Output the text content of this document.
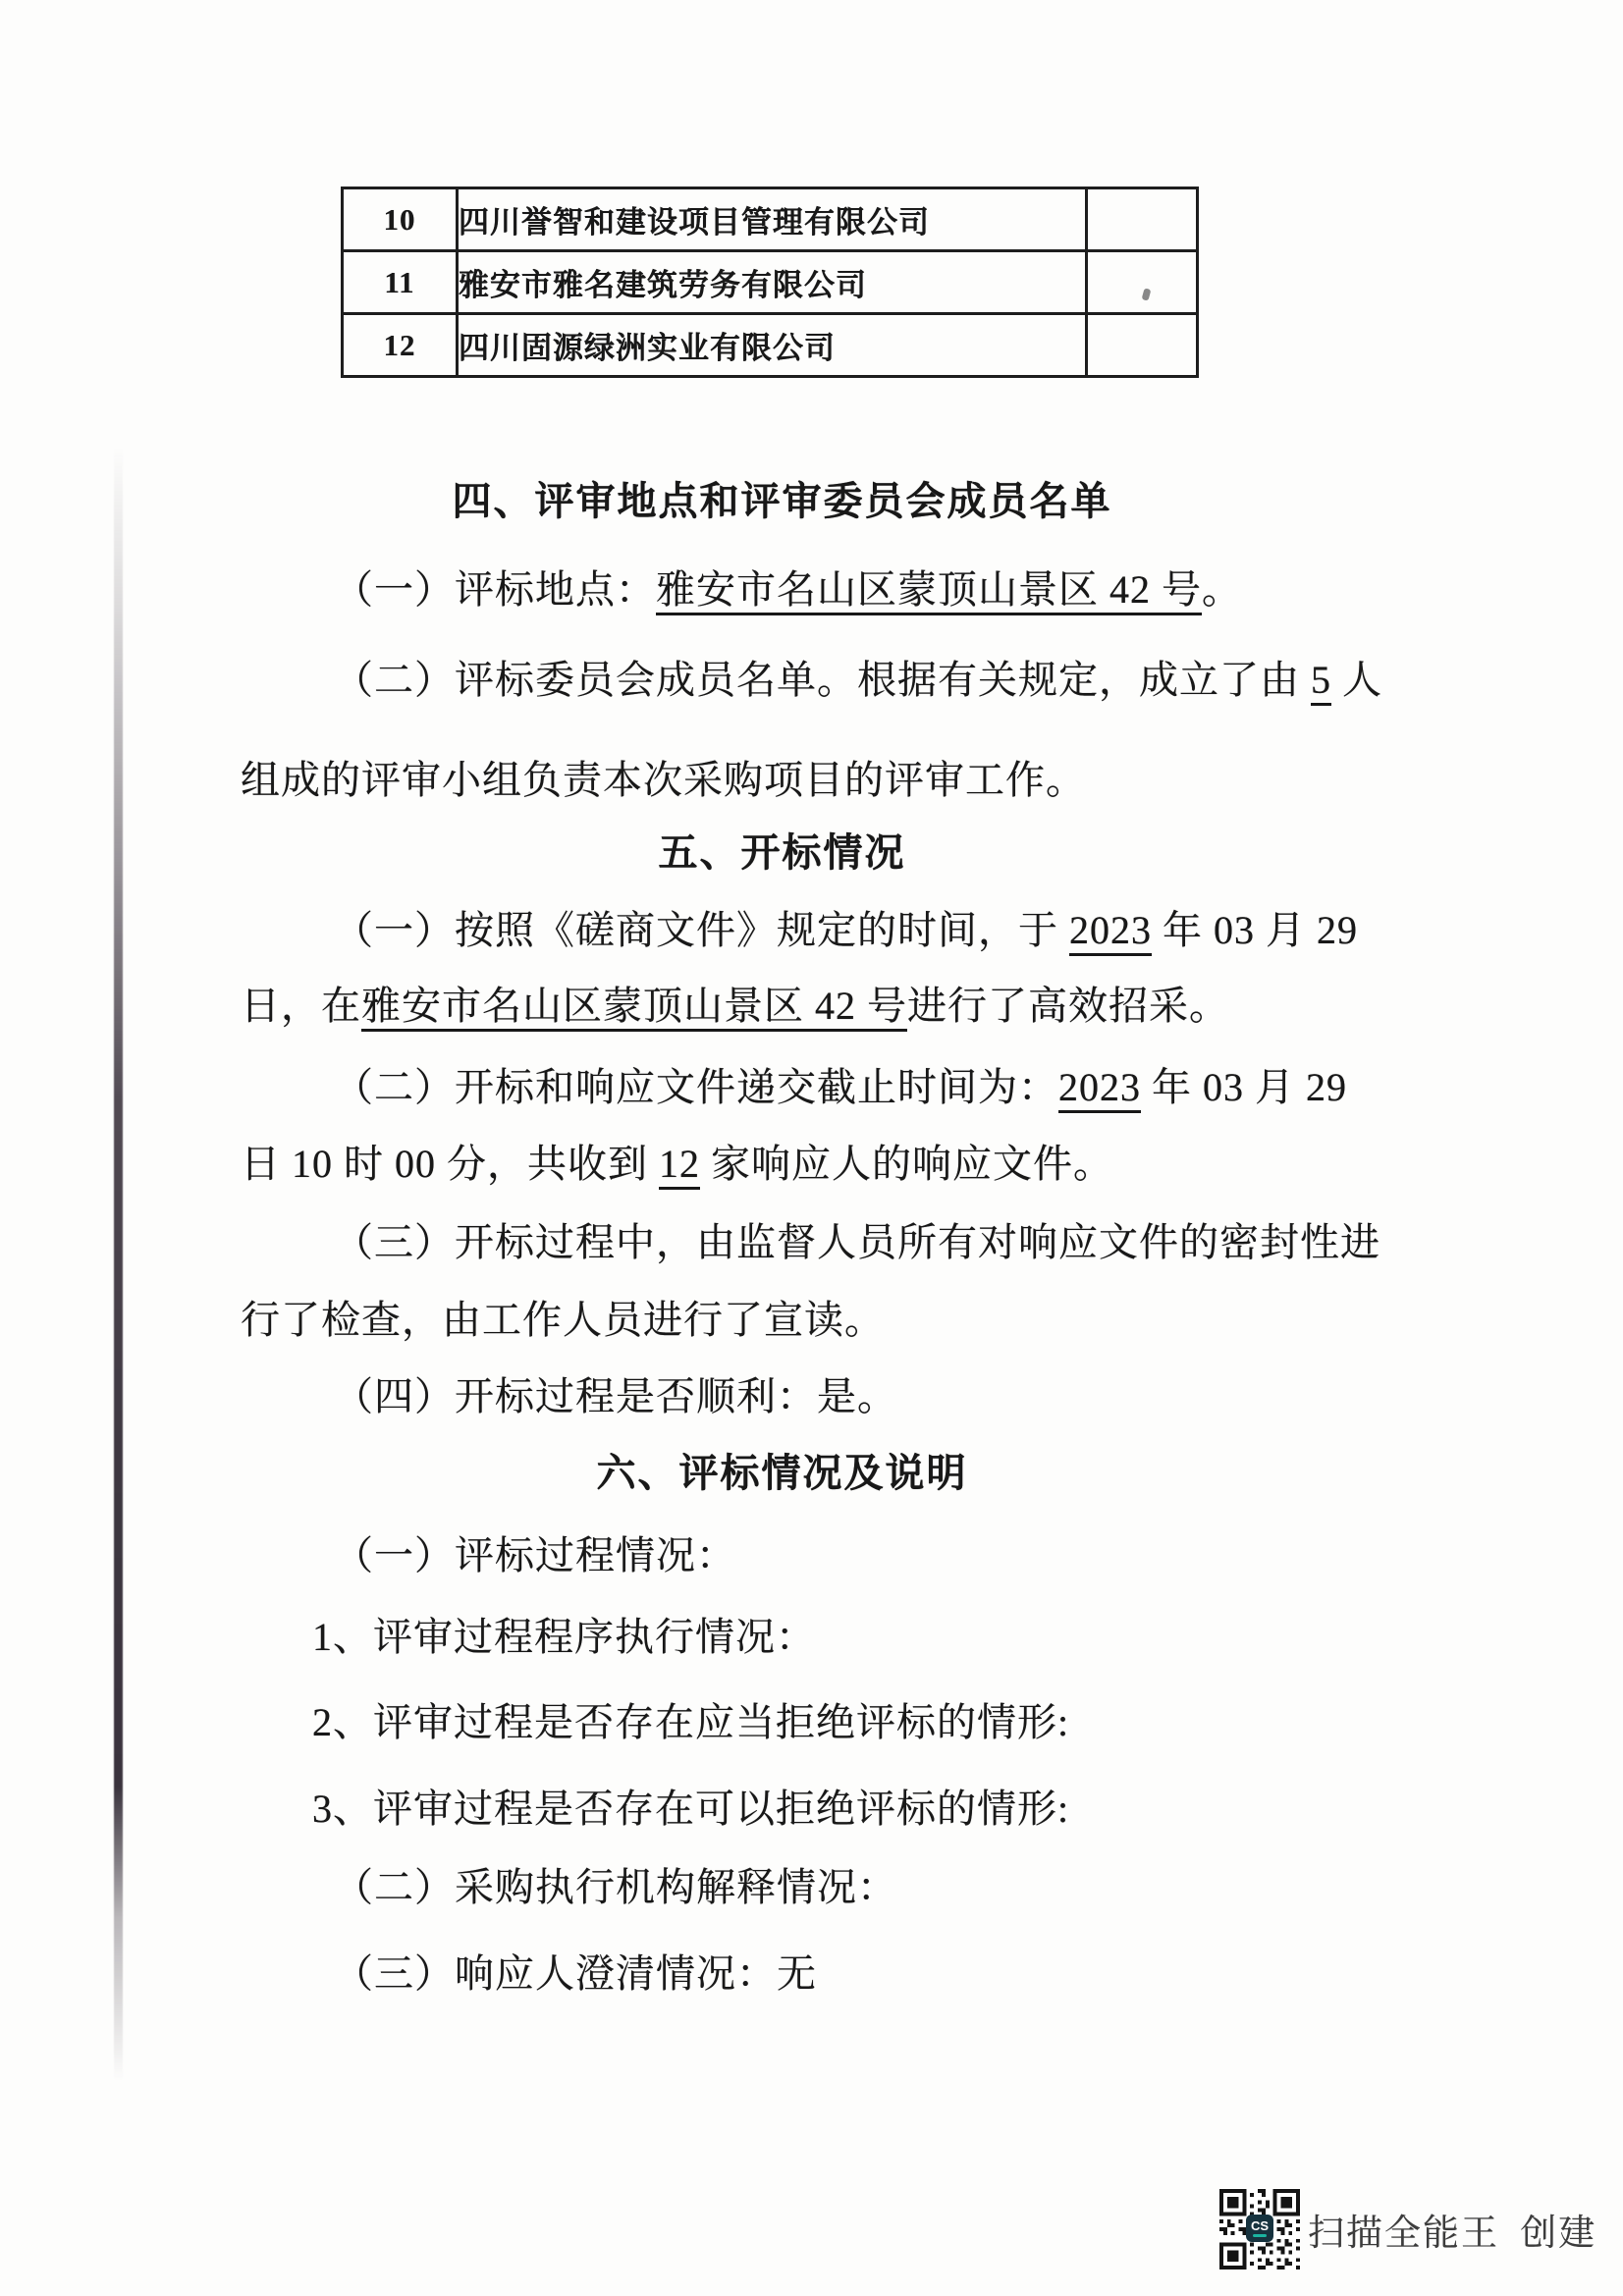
10	四川誉智和建设项目管理有限公司	
11	雅安市雅名建筑劳务有限公司	
12	四川固源绿洲实业有限公司	
四、评审地点和评审委员会成员名单
（一）评标地点：雅安市名山区蒙顶山景区 42 号。
（二）评标委员会成员名单。根据有关规定，成立了由 5 人
组成的评审小组负责本次采购项目的评审工作。
五、开标情况
（一）按照《磋商文件》规定的时间，于 2023 年 03 月 29
日，在雅安市名山区蒙顶山景区 42 号进行了高效招采。
（二）开标和响应文件递交截止时间为：2023 年 03 月 29
日 10 时 00 分，共收到 12 家响应人的响应文件。
（三）开标过程中，由监督人员所有对响应文件的密封性进
行了检查，由工作人员进行了宣读。
（四）开标过程是否顺利：是。
六、评标情况及说明
（一）评标过程情况：
1、评审过程程序执行情况：
2、评审过程是否存在应当拒绝评标的情形:
3、评审过程是否存在可以拒绝评标的情形:
（二）采购执行机构解释情况：
（三）响应人澄清情况：无
CS 扫描全能王 创建
